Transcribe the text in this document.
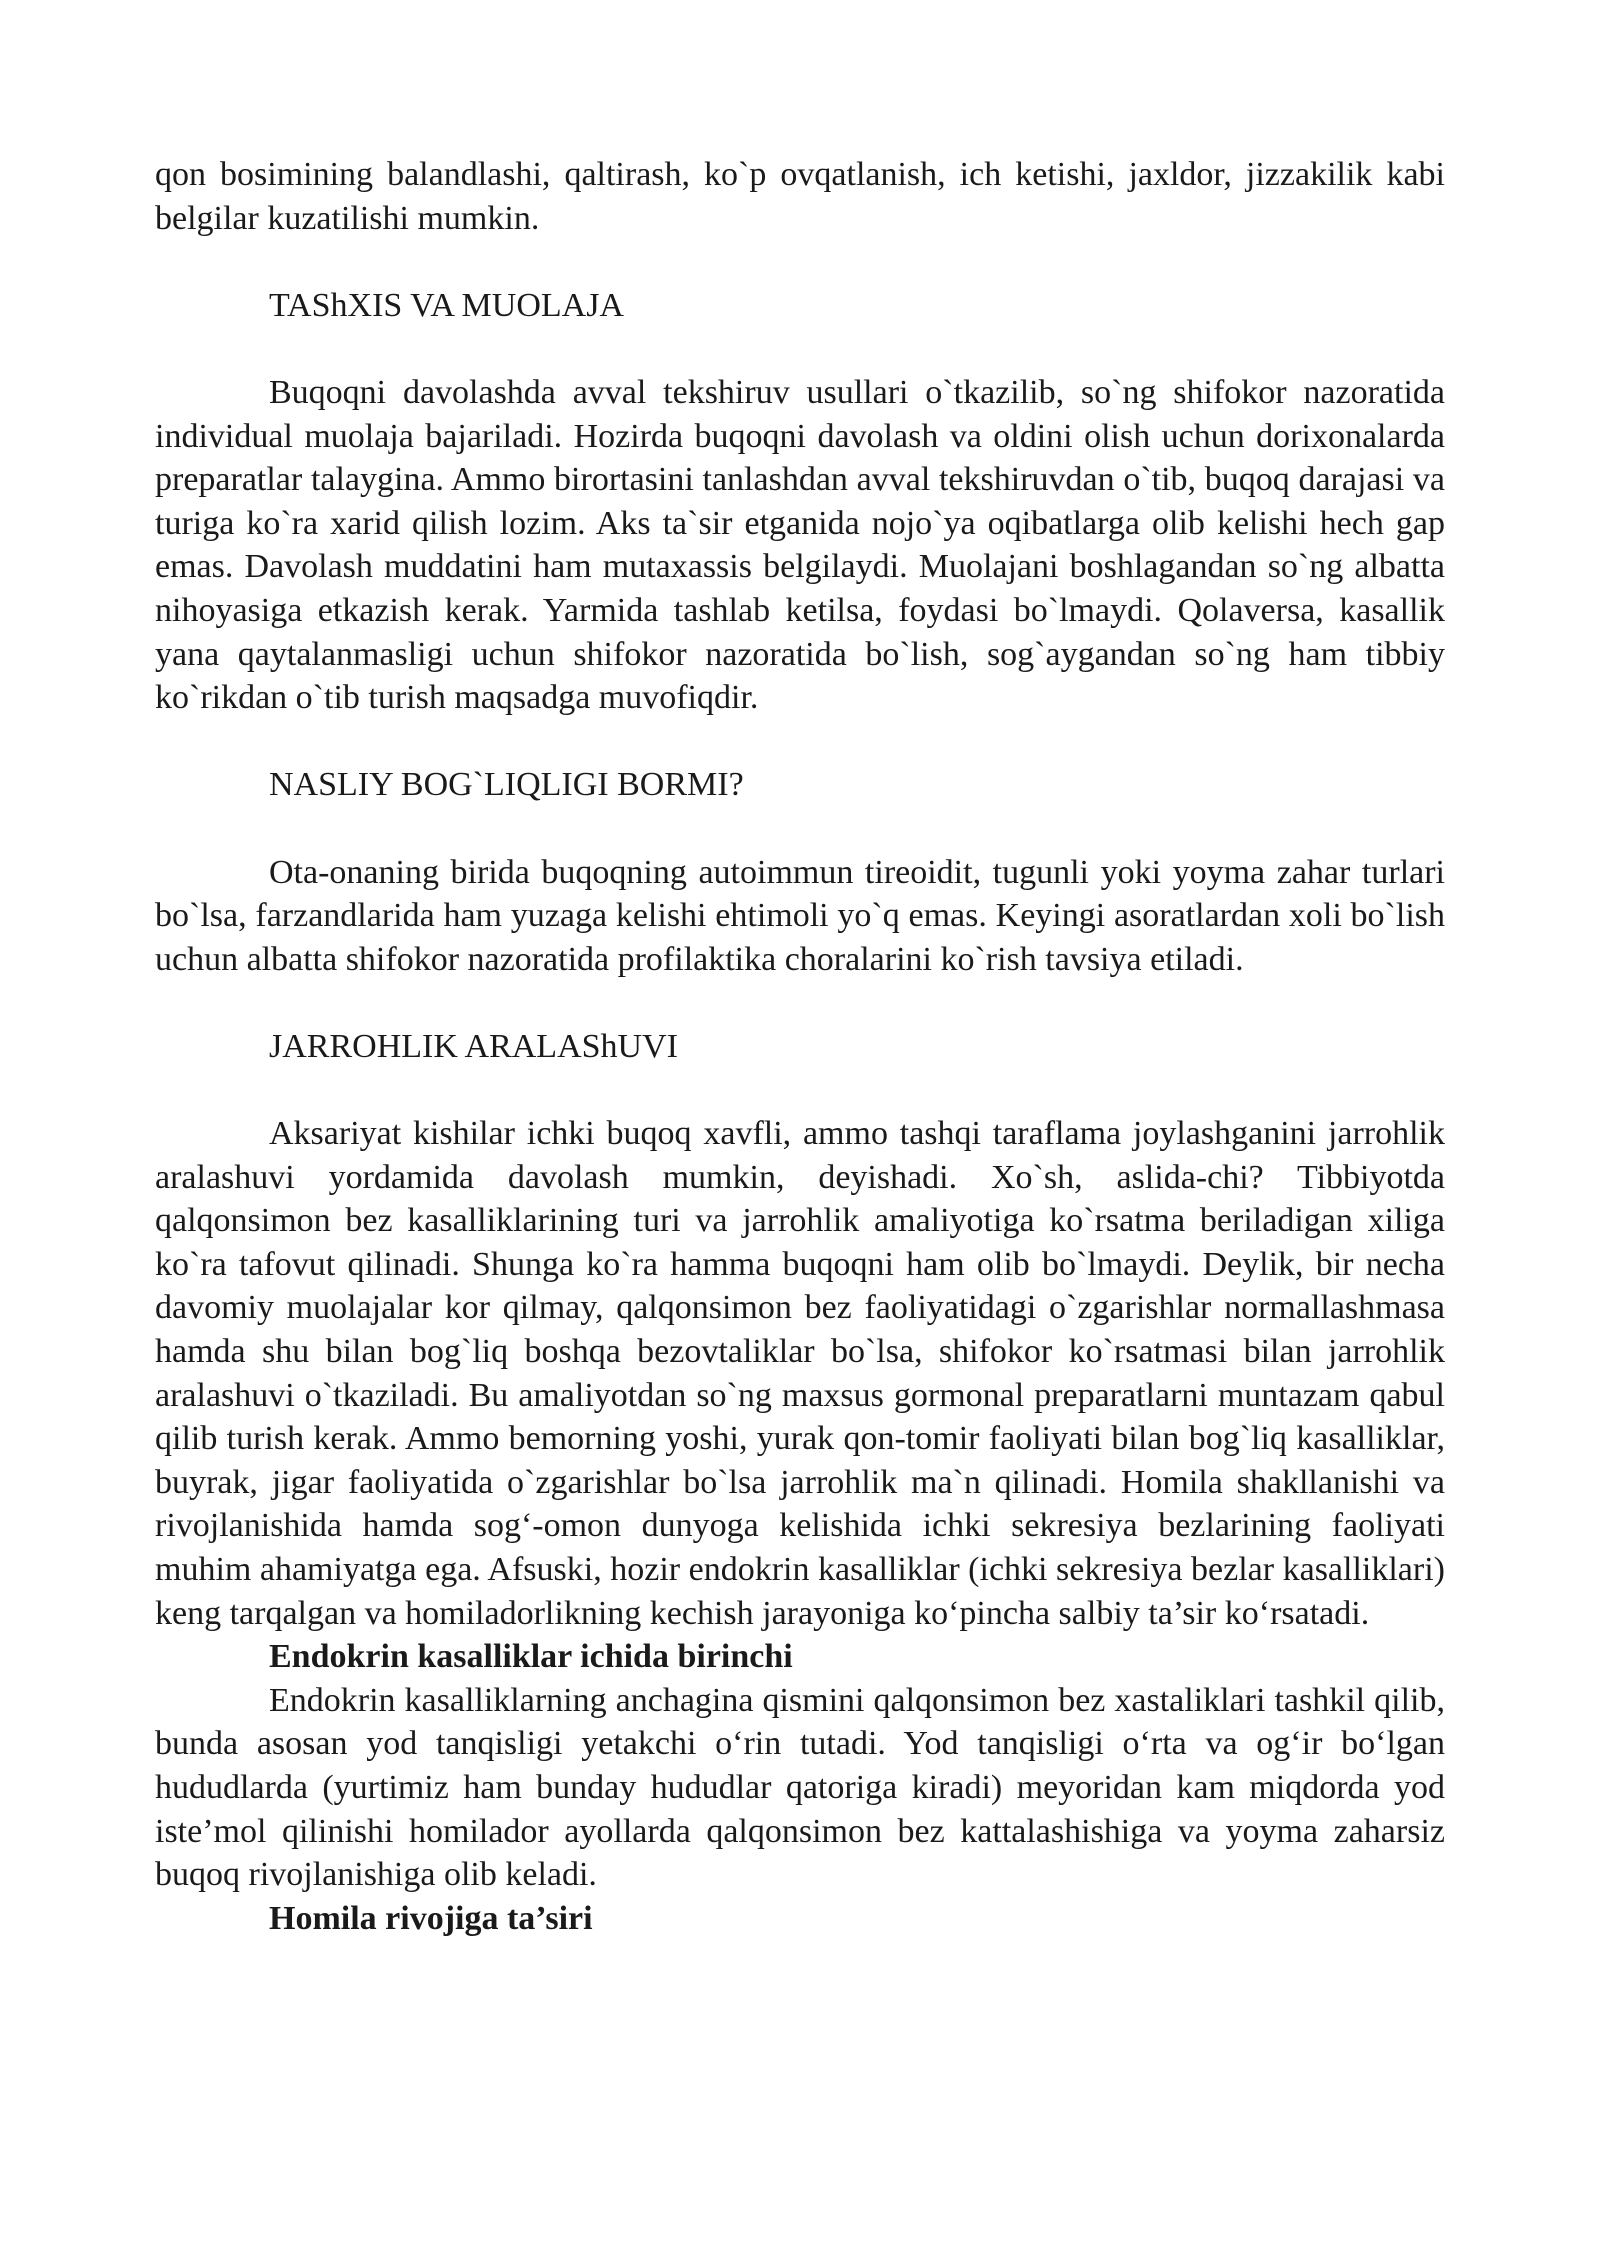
qon bosimining balandlashi, qaltirash, ko`p ovqatlanish, ich ketishi, jaxldor, jizzakilik kabi belgilar kuzatilishi mumkin.

TAShXIS VA MUOLAJA

Buqoqni davolashda avval tekshiruv usullari o`tkazilib, so`ng shifokor nazoratida individual muolaja bajariladi. Hozirda buqoqni davolash va oldini olish uchun dorixonalarda preparatlar talaygina. Ammo birortasini tanlashdan avval tekshiruvdan o`tib, buqoq darajasi va turiga ko`ra xarid qilish lozim. Aks ta`sir etganida nojo`ya oqibatlarga olib kelishi hech gap emas. Davolash muddatini ham mutaxassis belgilaydi. Muolajani boshlagandan so`ng albatta nihoyasiga etkazish kerak. Yarmida tashlab ketilsa, foydasi bo`lmaydi. Qolaversa, kasallik yana qaytalanmasligi uchun shifokor nazoratida bo`lish, sog`aygandan so`ng ham tibbiy ko`rikdan o`tib turish maqsadga muvofiqdir.

NASLIY BOG`LIQLIGI BORMI?

Ota-onaning birida buqoqning autoimmun tireoidit, tugunli yoki yoyma zahar turlari bo`lsa, farzandlarida ham yuzaga kelishi ehtimoli yo`q emas. Keyingi asoratlardan xoli bo`lish uchun albatta shifokor nazoratida profilaktika choralarini ko`rish tavsiya etiladi.

JARROHLIK ARALAShUVI

Aksariyat kishilar ichki buqoq xavfli, ammo tashqi taraflama joylashganini jarrohlik aralashuvi yordamida davolash mumkin, deyishadi. Xo`sh, aslida-chi? Tibbiyotda qalqonsimon bez kasalliklarining turi va jarrohlik amaliyotiga ko`rsatma beriladigan xiliga ko`ra tafovut qilinadi. Shunga ko`ra hamma buqoqni ham olib bo`lmaydi. Deylik, bir necha davomiy muolajalar kor qilmay, qalqonsimon bez faoliyatidagi o`zgarishlar normallashmasa hamda shu bilan bog`liq boshqa bezovtaliklar bo`lsa, shifokor ko`rsatmasi bilan jarrohlik aralashuvi o`tkaziladi. Bu amaliyotdan so`ng maxsus gormonal preparatlarni muntazam qabul qilib turish kerak. Ammo bemorning yoshi, yurak qon-tomir faoliyati bilan bog`liq kasalliklar, buyrak, jigar faoliyatida o`zgarishlar bo`lsa jarrohlik ma`n qilinadi. Homila shakllanishi va rivojlanishida hamda sog‘-omon dunyoga kelishida ichki sekresiya bezlarining faoliyati muhim ahamiyatga ega. Afsuski, hozir endokrin kasalliklar (ichki sekresiya bezlar kasalliklari) keng tarqalgan va homiladorlikning kechish jarayoniga ko‘pincha salbiy ta’sir ko‘rsatadi.

Endokrin kasalliklar ichida birinchi

Endokrin kasalliklarning anchagina qismini qalqonsimon bez xastaliklari tashkil qilib, bunda asosan yod tanqisligi yetakchi o‘rin tutadi. Yod tanqisligi o‘rta va og‘ir bo‘lgan hududlarda (yurtimiz ham bunday hududlar qatoriga kiradi) meyoridan kam miqdorda yod iste’mol qilinishi homilador ayollarda qalqonsimon bez kattalashishiga va yoyma zaharsiz buqoq rivojlanishiga olib keladi.

Homila rivojiga ta’siri
